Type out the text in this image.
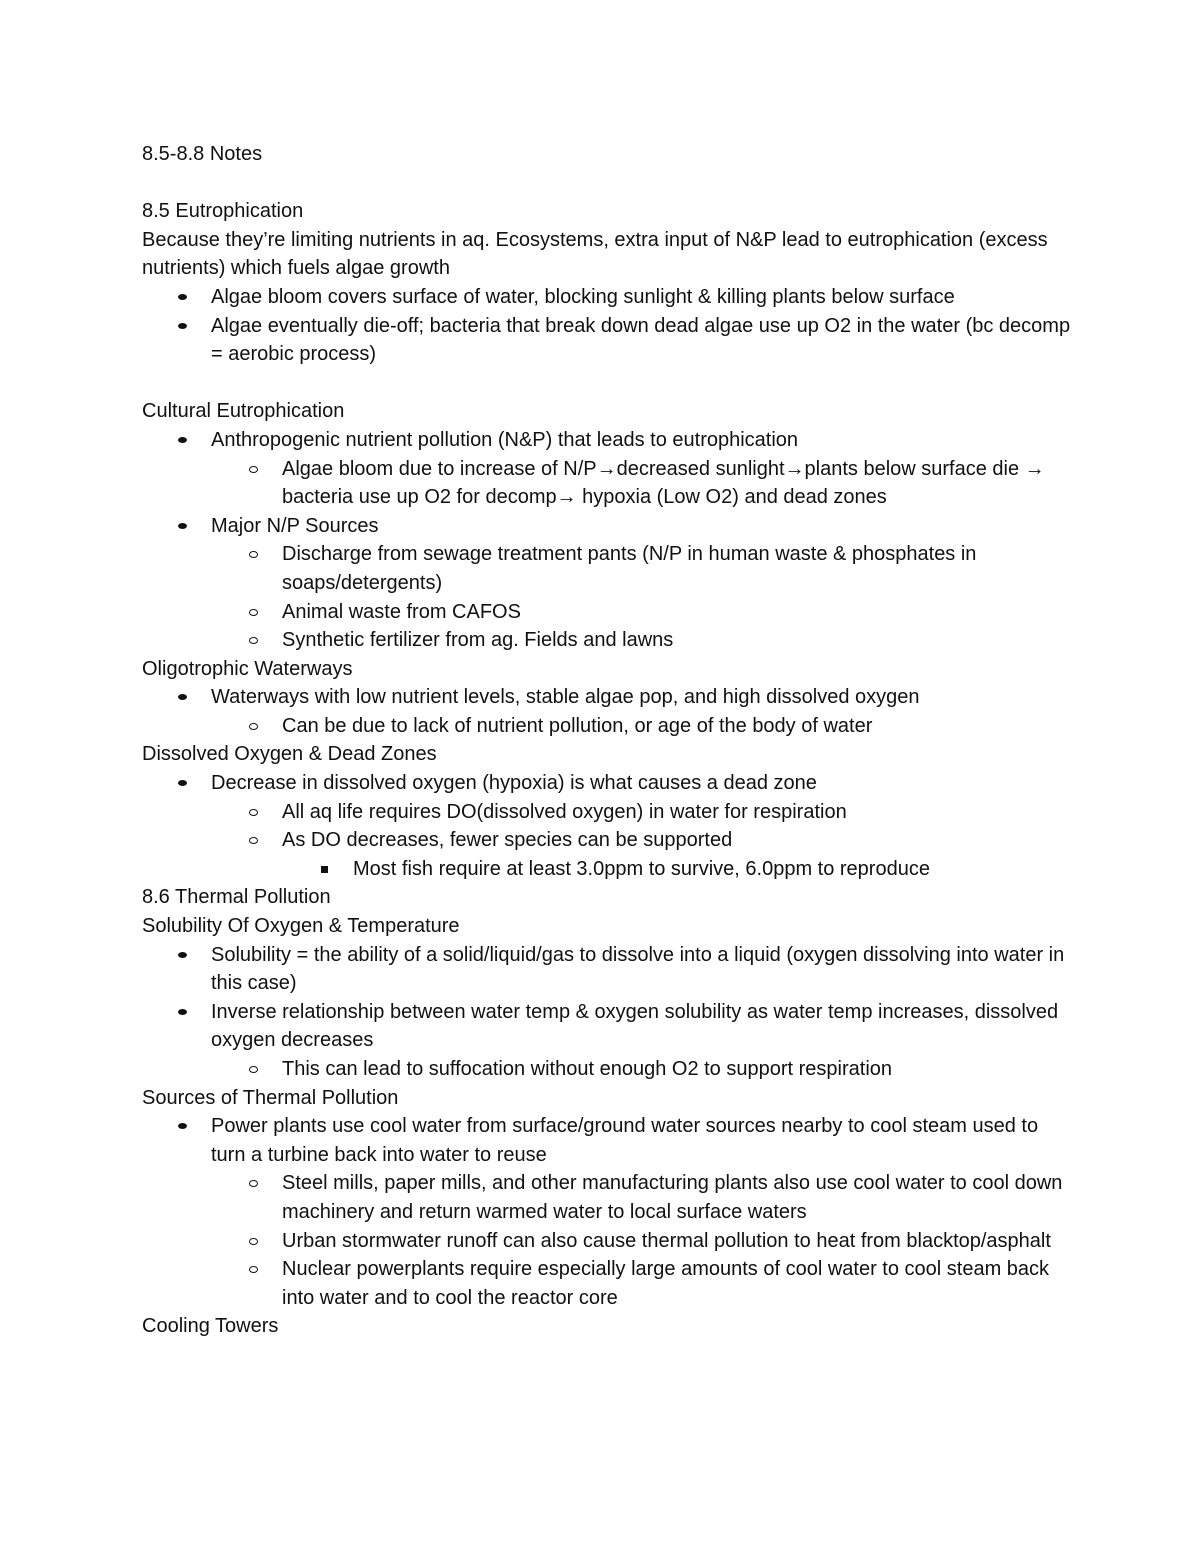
8.5-8.8 Notes

8.5 Eutrophication

Because they’re limiting nutrients in aq. Ecosystems, extra input of N&P lead to eutrophication (excess nutrients) which fuels algae growth

Algae bloom covers surface of water, blocking sunlight & killing plants below surface
Algae eventually die-off; bacteria that break down dead algae use up O2 in the water (bc decomp = aerobic process)

Cultural Eutrophication

Anthropogenic nutrient pollution (N&P) that leads to eutrophication
Algae bloom due to increase of N/P→decreased sunlight→plants below surface die → bacteria use up O2 for decomp→ hypoxia (Low O2) and dead zones
Major N/P Sources
Discharge from sewage treatment pants (N/P in human waste & phosphates in soaps/detergents)
Animal waste from CAFOS
Synthetic fertilizer from ag. Fields and lawns

Oligotrophic Waterways

Waterways with low nutrient levels, stable algae pop, and high dissolved oxygen
Can be due to lack of nutrient pollution, or age of the body of water

Dissolved Oxygen & Dead Zones

Decrease in dissolved oxygen (hypoxia) is what causes a dead zone
All aq life requires DO(dissolved oxygen) in water for respiration
As DO decreases, fewer species can be supported
Most fish require at least 3.0ppm to survive, 6.0ppm to reproduce

8.6 Thermal Pollution

Solubility Of Oxygen & Temperature

Solubility = the ability of a solid/liquid/gas to dissolve into a liquid (oxygen dissolving into water in this case)
Inverse relationship between water temp & oxygen solubility as water temp increases, dissolved oxygen decreases
This can lead to suffocation without enough O2 to support respiration

Sources of Thermal Pollution

Power plants use cool water from surface/ground water sources nearby to cool steam used to turn a turbine back into water to reuse
Steel mills, paper mills, and other manufacturing plants also use cool water to cool down machinery and return warmed water to local surface waters
Urban stormwater runoff can also cause thermal pollution to heat from blacktop/asphalt
Nuclear powerplants require especially large amounts of cool water to cool steam back into water and to cool the reactor core

Cooling Towers
